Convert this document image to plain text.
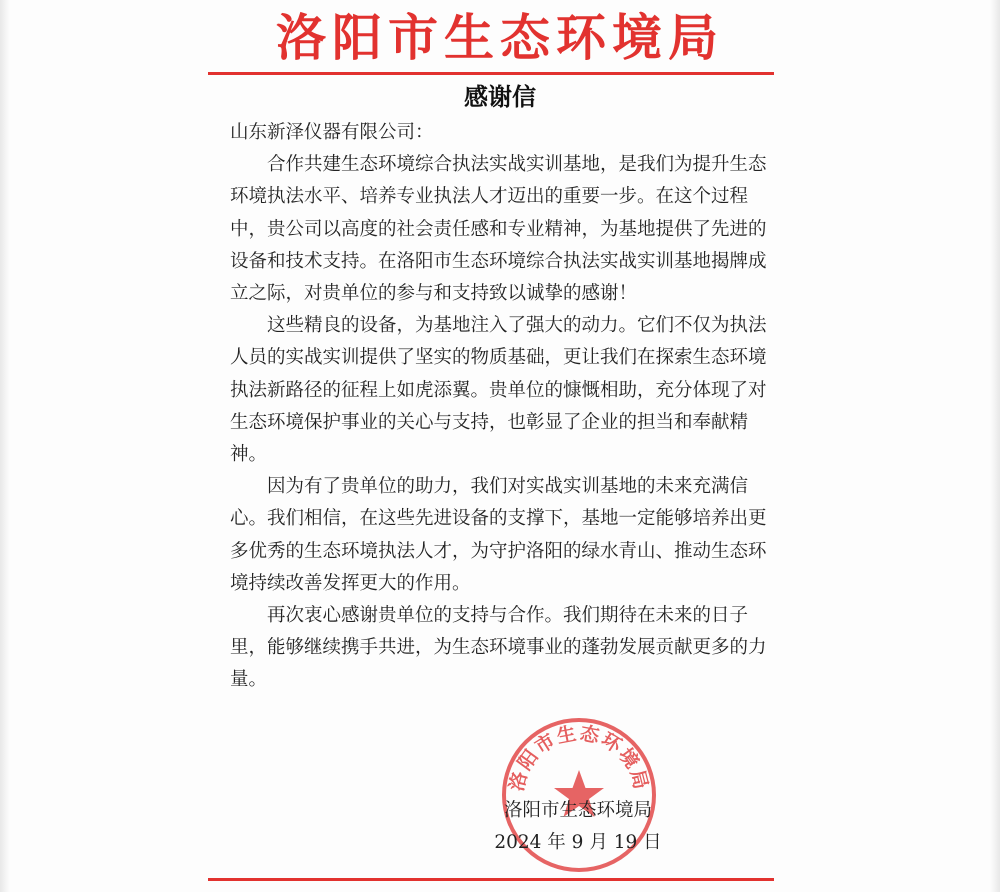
洛阳市生态环境局
感谢信

山东新泽仪器有限公司：

合作共建生态环境综合执法实战实训基地，是我们为提升生态环境执法水平、培养专业执法人才迈出的重要一步。在这个过程中，贵公司以高度的社会责任感和专业精神，为基地提供了先进的设备和技术支持。在洛阳市生态环境综合执法实战实训基地揭牌成立之际，对贵单位的参与和支持致以诚挚的感谢！

这些精良的设备，为基地注入了强大的动力。它们不仅为执法人员的实战实训提供了坚实的物质基础，更让我们在探索生态环境执法新路径的征程上如虎添翼。贵单位的慷慨相助，充分体现了对生态环境保护事业的关心与支持，也彰显了企业的担当和奉献精神。

因为有了贵单位的助力，我们对实战实训基地的未来充满信心。我们相信，在这些先进设备的支撑下，基地一定能够培养出更多优秀的生态环境执法人才，为守护洛阳的绿水青山、推动生态环境持续改善发挥更大的作用。

再次衷心感谢贵单位的支持与合作。我们期待在未来的日子里，能够继续携手共进，为生态环境事业的蓬勃发展贡献更多的力量。

洛阳市生态环境局
洛阳市生态环境局
2024 年 9 月 19 日
